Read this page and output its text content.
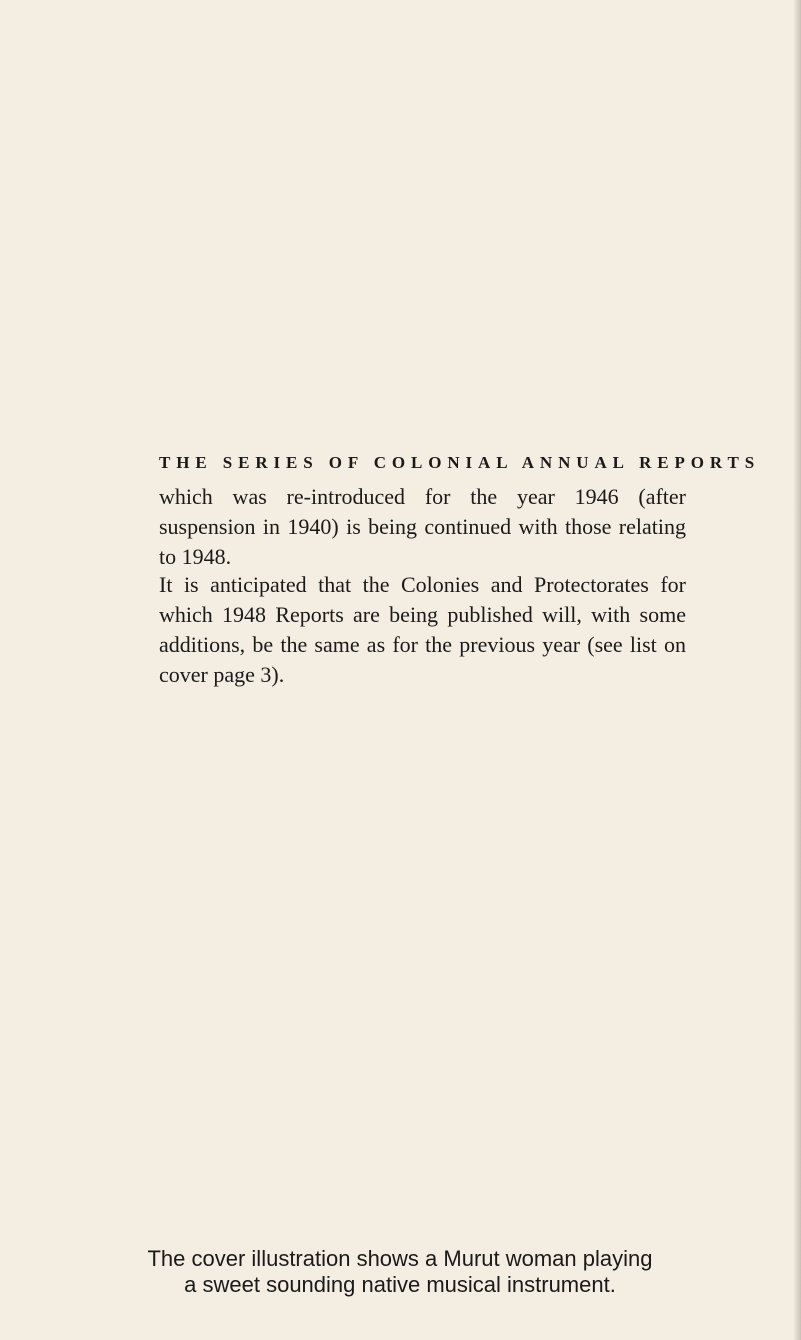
THE SERIES OF COLONIAL ANNUAL REPORTS

which was re-introduced for the year 1946 (after suspension in 1940) is being continued with those relating to 1948.

It is anticipated that the Colonies and Protectorates for which 1948 Reports are being published will, with some additions, be the same as for the previous year (see list on cover page 3).

The cover illustration shows a Murut woman playing
a sweet sounding native musical instrument.
